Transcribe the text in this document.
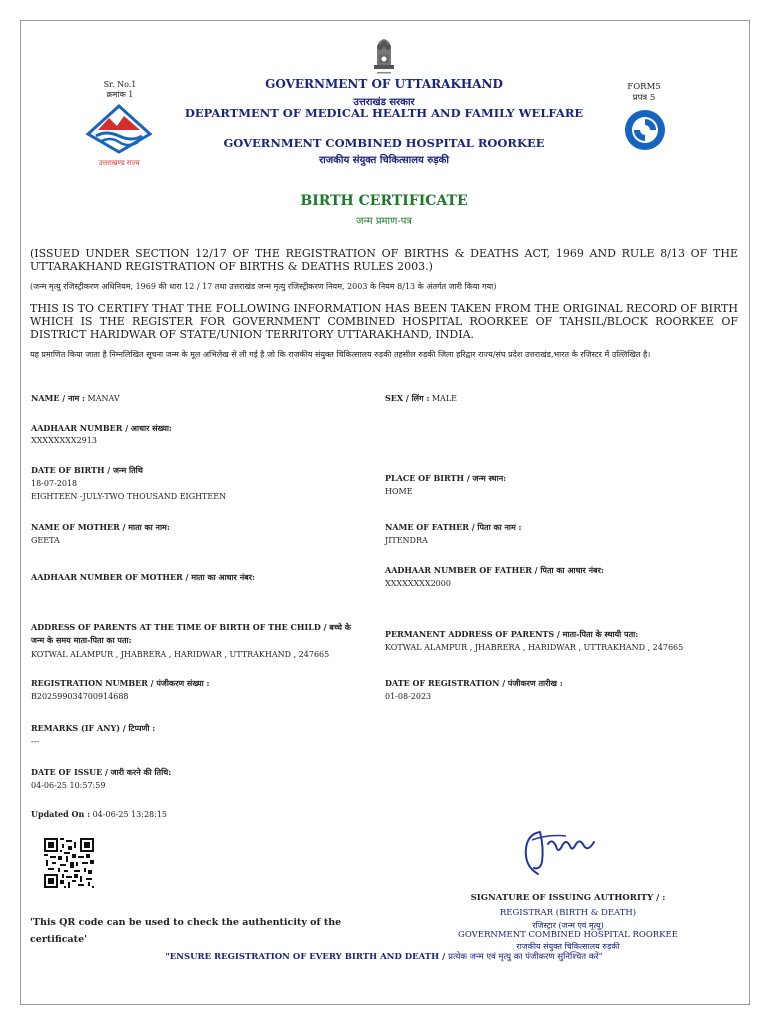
Sr. No.1
क्रमांक 1
उत्तराखण्ड राज्य
FORM5
प्रपत्र 5
GOVERNMENT OF UTTARAKHAND
उत्तराखंड सरकार
DEPARTMENT OF MEDICAL HEALTH AND FAMILY WELFARE
GOVERNMENT COMBINED HOSPITAL ROORKEE
राजकीय संयुक्त चिकित्सालय रुड़की
BIRTH CERTIFICATE
जन्म प्रमाण-पत्र
(ISSUED UNDER SECTION 12/17 OF THE REGISTRATION OF BIRTHS & DEATHS ACT, 1969 AND RULE 8/13 OF THE UTTARAKHAND REGISTRATION OF BIRTHS & DEATHS RULES 2003.)
(जन्म मृत्यु रजिस्ट्रीकरण अधिनियम, 1969 की धारा 12 / 17 तथा उत्तराखंड जन्म मृत्यु रजिस्ट्रीकरण नियम, 2003 के नियम 8/13 के अंतर्गत जारी किया गया)
THIS IS TO CERTIFY THAT THE FOLLOWING INFORMATION HAS BEEN TAKEN FROM THE ORIGINAL RECORD OF BIRTH WHICH IS THE REGISTER FOR GOVERNMENT COMBINED HOSPITAL ROORKEE OF TAHSIL/BLOCK ROORKEE OF DISTRICT HARIDWAR OF STATE/UNION TERRITORY UTTARAKHAND, INDIA.
यह प्रमाणित किया जाता है निम्नलिखित सूचना जन्म के मूल अभिलेख से ली गई है जो कि राजकीय संयुक्त चिकित्सालय रुड़की तहसील रुड़की जिला हरिद्वार राज्य/संघ प्रदेश उत्तराखंड,भारत के रजिस्टर में उल्लिखित है।
NAME / नाम : MANAV	SEX / लिंग : MALE
AADHAAR NUMBER / आधार संख्या:
XXXXXXXX2913
DATE OF BIRTH / जन्म तिथि
18-07-2018
EIGHTEEN -JULY-TWO THOUSAND EIGHTEEN
PLACE OF BIRTH / जन्म स्थान:
HOME
NAME OF MOTHER / माता का नाम:
GEETA
NAME OF FATHER / पिता का नाम :
JITENDRA
AADHAAR NUMBER OF MOTHER / माता का आधार नंबर:
AADHAAR NUMBER OF FATHER / पिता का आधार नंबर:
XXXXXXXX2000
ADDRESS OF PARENTS AT THE TIME OF BIRTH OF THE CHILD / बच्चे के जन्म के समय माता-पिता का पता:
KOTWAL ALAMPUR , JHABRERA , HARIDWAR , UTTRAKHAND , 247665
PERMANENT ADDRESS OF PARENTS / माता-पिता के स्थायी पता:
KOTWAL ALAMPUR , JHABRERA , HARIDWAR , UTTRAKHAND , 247665
REGISTRATION NUMBER / पंजीकरण संख्या :
B20259903470091468​8
DATE OF REGISTRATION / पंजीकरण तारीख :
01-08-2023
REMARKS (IF ANY) / टिप्पणी :
---
DATE OF ISSUE / जारी करने की तिथि:
04-06-25 10:57:59
Updated On : 04-06-25 13:28:15
'This QR code can be used to check the authenticity of the certificate'
SIGNATURE OF ISSUING AUTHORITY / :
REGISTRAR (BIRTH & DEATH)
रजिस्ट्रार (जन्म एवं मृत्यु)
GOVERNMENT COMBINED HOSPITAL ROORKEE
राजकीय संयुक्त चिकित्सालय रुड़की
"ENSURE REGISTRATION OF EVERY BIRTH AND DEATH / प्रत्येक जन्म एवं मृत्यु का पंजीकरण सुनिश्चित करें"
